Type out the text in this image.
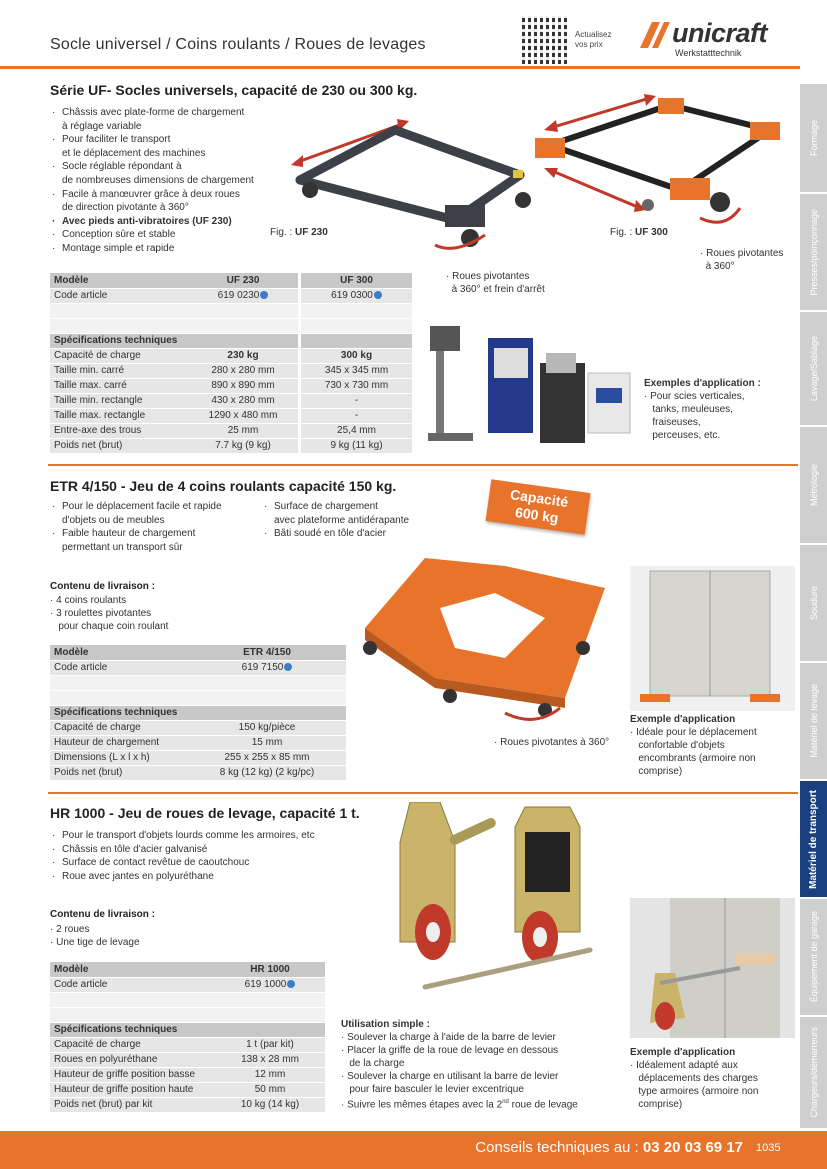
Socle universel / Coins roulants / Roues de levages
Actualisez
vos prix	unicraft
Werkstatttechnik
Formage
Presses/poinçonnage
Lavage/Sablage
Métrologie
Soudure
Matériel de levage
Matériel de transport
Équipement de garage
Chargeurs/démarreurs
Série UF- Socles universels, capacité de 230 ou 300 kg.
· Châssis avec plate-forme de chargement
à réglage variable
· Pour faciliter le transport
et le déplacement des machines
· Socle réglable répondant à
de nombreuses dimensions de chargement
· Facile à manœuvrer grâce à deux roues
de direction pivotante à 360°
· Avec pieds anti-vibratoires (UF 230)
· Conception sûre et stable
· Montage simple et rapide
Fig. : UF 230	Fig. : UF 300
· Roues pivotantes
à 360°
· Roues pivotantes
à 360° et frein d'arrêt
Exemples d'application :
· Pour scies verticales,
tanks, meuleuses,
fraiseuses,
perceuses, etc.
Modèle	UF 230		UF 300
Code article	619 0230		619 0300

Spécifications techniques			
Capacité de charge	230 kg		300 kg
Taille min. carré	280 x 280 mm		345 x 345 mm
Taille max. carré	890 x 890 mm		730 x 730 mm
Taille min. rectangle	430 x 280 mm		-
Taille max. rectangle	1290 x 480 mm		-
Entre-axe des trous	25 mm		25,4 mm
Poids net (brut)	7.7 kg (9 kg)		9 kg (11 kg)
ETR 4/150 - Jeu de 4 coins roulants capacité 150 kg.
· Pour le déplacement facile et rapide
d'objets ou de meubles
· Faible hauteur de chargement
permettant un transport sûr
· Surface de chargement
avec plateforme antidérapante
· Bâti soudé en tôle d'acier
Capacité
600 kg
Contenu de livraison :
· 4 coins roulants
· 3 roulettes pivotantes
pour chaque coin roulant
· Roues pivotantes à 360°
Exemple d'application
· Idéale pour le déplacement
confortable d'objets
encombrants (armoire non
comprise)
Modèle	ETR 4/150
Code article	619 7150

Spécifications techniques	
Capacité de charge	150 kg/pièce
Hauteur de chargement	15 mm
Dimensions (L x l x h)	255 x 255 x 85 mm
Poids net (brut)	8 kg (12 kg) (2 kg/pc)
HR 1000 - Jeu de roues de levage, capacité 1 t.
· Pour le transport d'objets lourds comme les armoires, etc
· Châssis en tôle d'acier galvanisé
· Surface de contact revêtue de caoutchouc
· Roue avec jantes en polyuréthane
Contenu de livraison :
· 2 roues
· Une tige de levage
Utilisation simple :
· Soulever la charge à l'aide de la barre de levier
· Placer la griffe de la roue de levage en dessous
de la charge
· Soulever la charge en utilisant la barre de levier
pour faire basculer le levier excentrique
· Suivre les mêmes étapes avec la 2nd roue de levage
Exemple d'application
· Idéalement adapté aux
déplacements des charges
type armoires (armoire non
comprise)
Modèle	HR 1000
Code article	619 1000

Spécifications techniques	
Capacité de charge	1 t (par kit)
Roues en polyuréthane	138 x 28 mm
Hauteur de griffe position basse	12 mm
Hauteur de griffe position haute	50 mm
Poids net (brut) par kit	10 kg (14 kg)
Conseils techniques au : 03 20 03 69 17 1035
